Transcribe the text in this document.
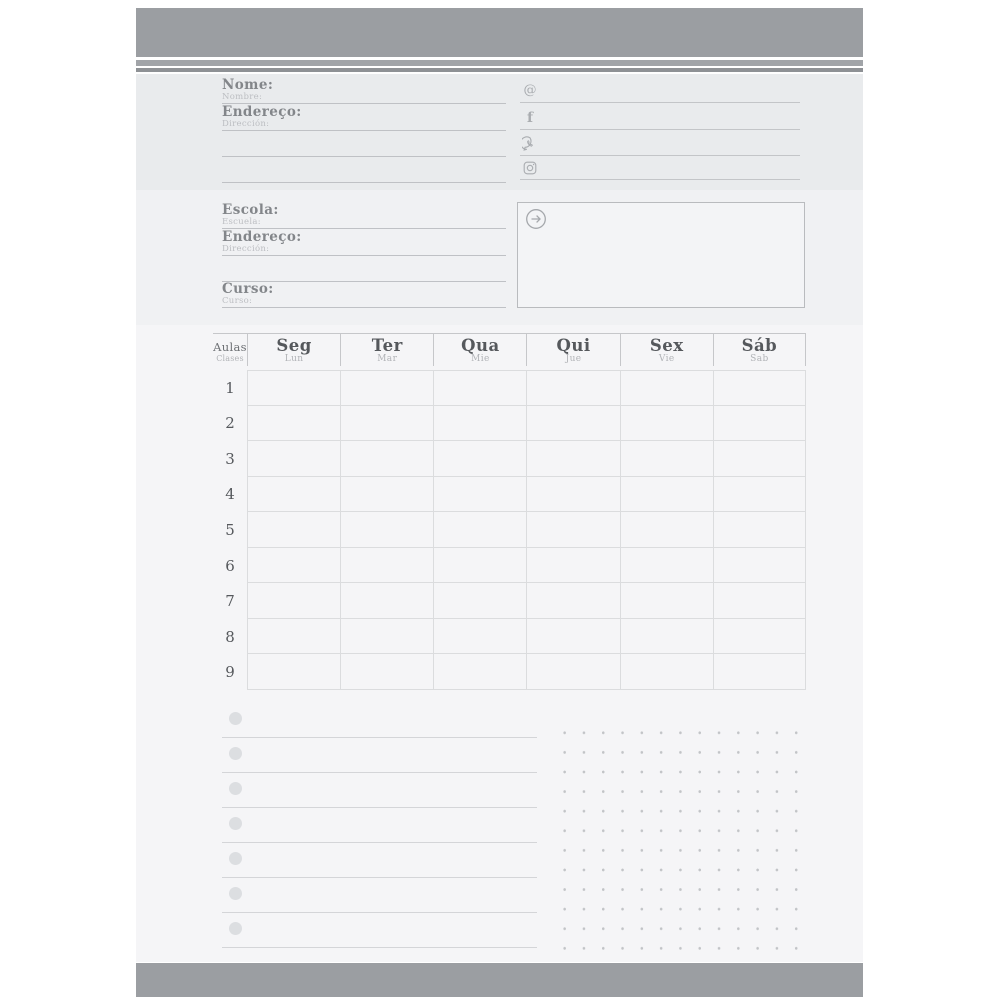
Nome:
Nombre:
Endereço:
Dirección:
@
f
Escola:
Escuela:
Endereço:
Dirección:
Curso:
Curso:
Aulas
Clases
Seg
Lun
Ter
Mar
Qua
Mie
Qui
Jue
Sex
Vie
Sáb
Sab
1
2
3
4
5
6
7
8
9
